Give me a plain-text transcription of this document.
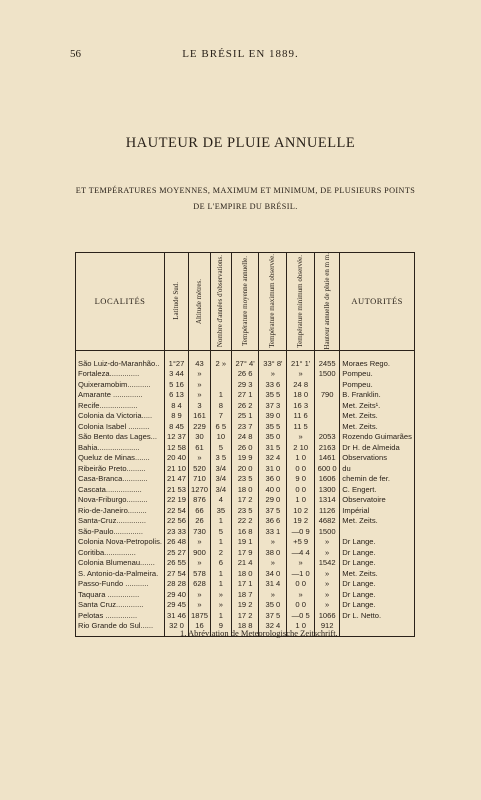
56	LE BRÉSIL EN 1889.
HAUTEUR DE PLUIE ANNUELLE
ET TEMPÉRATURES MOYENNES, MAXIMUM ET MINIMUM, DE PLUSIEURS POINTS
DE L'EMPIRE DU BRÉSIL.
LOCALITÉS	Latitude Sud.	Altitude mètres.	Nombre d'années d'observations.	Température moyenne annuelle.	Température maximum observée.	Température minimum observée.	Hauteur annuelle de pluie en m m.	AUTORITÉS
São Luiz-do-Maranhão..	1°27	43	2 »	27° 4'	33° 8'	21° 1'	2455	Moraes Rego.
Fortaleza..............	3 44	»		26 6	»	»	1500	Pompeu.
Quixeramobim...........	5 16	»		29 3	33 6	24 8		Pompeu.
Amarante ..............	6 13	»	1	27 1	35 5	18 0	790	B. Franklin.
Recife..................	8 4	3	8	26 2	37 3	16 3		Met. Zeits¹.
Colonia da Victoria.....	8 9	161	7	25 1	39 0	11 6		Met. Zeits.
Colonia Isabel ..........	8 45	229	6 5	23 7	35 5	11 5		Met. Zeits.
São Bento das Lages...	12 37	30	10	24 8	35 0	»	2053	Rozendo Guimarães
Bahia....................	12 58	61	5	26 0	31 5	2 10	2163	Dr H. de Almeida
Queluz de Minas.......	20 40	»	3 5	19 9	32 4	1 0	1461	Observations
Ribeirão Preto.........	21 10	520	3/4	20 0	31 0	0 0	600 0	du
Casa-Branca............	21 47	710	3/4	23 5	36 0	9 0	1606	chemin de fer.
Cascata.................	21 53	1270	3/4	18 0	40 0	0 0	1300	C. Engert.
Nova-Friburgo..........	22 19	876	4	17 2	29 0	1 0	1314	Observatoire
Rio-de-Janeiro.........	22 54	66	35	23 5	37 5	10 2	1126	Impérial
Santa-Cruz..............	22 56	26	1	22 2	36 6	19 2	4682	Met. Zeits.
São-Paulo..............	23 33	730	5	16 8	33 1	—0 9	1500	
Colonia Nova-Petropolis.	26 48	»	1	19 1	»	+5 9	»	Dr Lange.
Coritiba...............	25 27	900	2	17 9	38 0	—4 4	»	Dr Lange.
Colonia Blumenau.......	26 55	»	6	21 4	»	»	1542	Dr Lange.
S. Antonio-da-Palmeira.	27 54	578	1	18 0	34 0	—1 0	»	Met. Zeits.
Passo-Fundo ...........	28 28	628	1	17 1	31 4	0 0	»	Dr Lange.
Taquara ...............	29 40	»	»	18 7	»	»	»	Dr Lange.
Santa Cruz.............	29 45	»	»	19 2	35 0	0 0	»	Dr Lange.
Pelotas ...............	31 46	1875	1	17 2	37 5	—0 5	1066	Dr L. Netto.
Rio Grande do Sul......	32 0	16	9	18 8	32 4	1 0	912	
1. Abréviation de Meteorologische Zeitschrift.
